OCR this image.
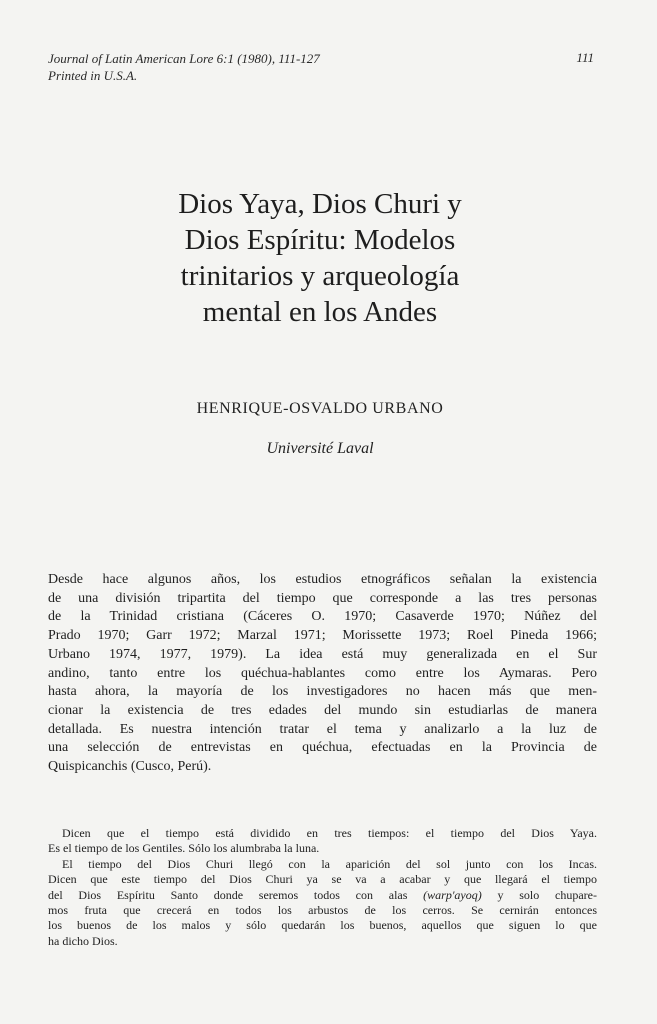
Journal of Latin American Lore 6:1 (1980), 111-127
Printed in U.S.A.
111
Dios Yaya, Dios Churi y
Dios Espíritu: Modelos
trinitarios y arqueología
mental en los Andes
HENRIQUE-OSVALDO URBANO
Université Laval
Desde hace algunos años, los estudios etnográficos señalan la existencia
de una división tripartita del tiempo que corresponde a las tres personas
de la Trinidad cristiana (Cáceres O. 1970; Casaverde 1970; Núñez del
Prado 1970; Garr 1972; Marzal 1971; Morissette 1973; Roel Pineda 1966;
Urbano 1974, 1977, 1979). La idea está muy generalizada en el Sur
andino, tanto entre los quéchua-hablantes como entre los Aymaras. Pero
hasta ahora, la mayoría de los investigadores no hacen más que men-
cionar la existencia de tres edades del mundo sin estudiarlas de manera
detallada. Es nuestra intención tratar el tema y analizarlo a la luz de
una selección de entrevistas en quéchua, efectuadas en la Provincia de
Quispicanchis (Cusco, Perú).
Dicen que el tiempo está dividido en tres tiempos: el tiempo del Dios Yaya.
Es el tiempo de los Gentiles. Sólo los alumbraba la luna.
El tiempo del Dios Churi llegó con la aparición del sol junto con los Incas.
Dicen que este tiempo del Dios Churi ya se va a acabar y que llegará el tiempo
del Dios Espíritu Santo donde seremos todos con alas (warp'ayoq) y solo chupare-
mos fruta que crecerá en todos los arbustos de los cerros. Se cernirán entonces
los buenos de los malos y sólo quedarán los buenos, aquellos que siguen lo que
ha dicho Dios.
